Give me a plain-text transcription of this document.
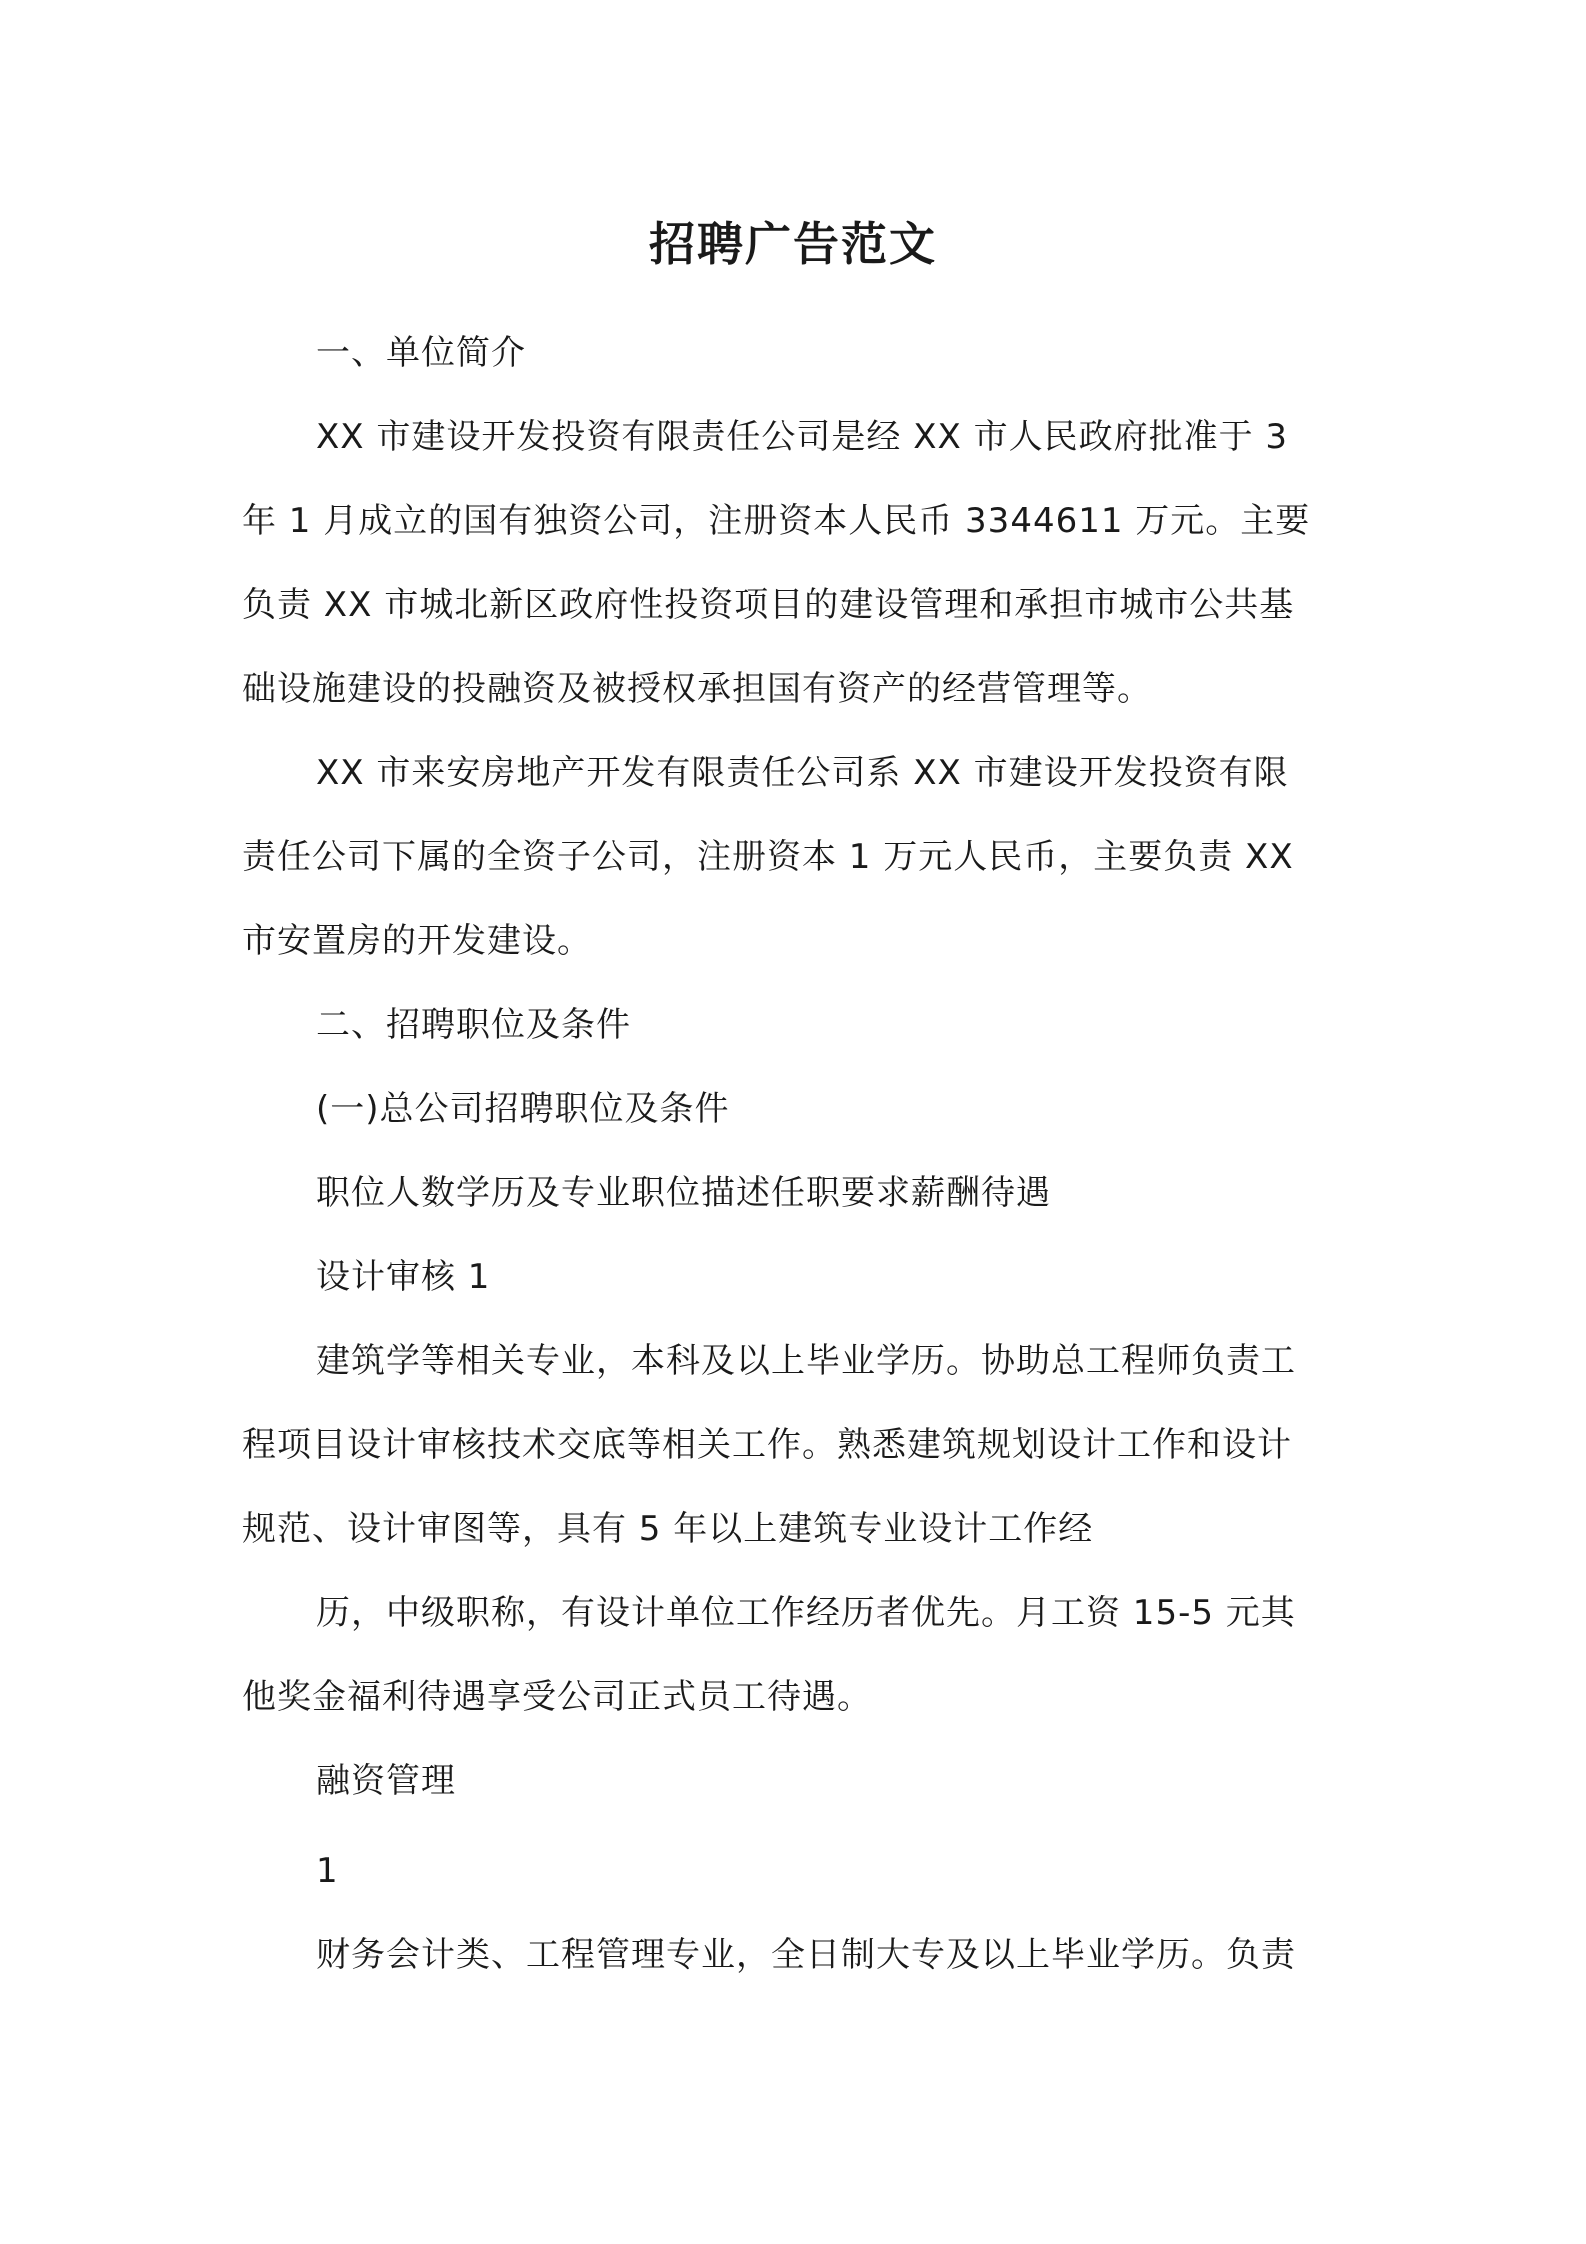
招聘广告范文
一、单位简介
XX 市建设开发投资有限责任公司是经 XX 市人民政府批准于 3
年 1 月成立的国有独资公司，注册资本人民币 3344611 万元。主要
负责 XX 市城北新区政府性投资项目的建设管理和承担市城市公共基
础设施建设的投融资及被授权承担国有资产的经营管理等。
XX 市来安房地产开发有限责任公司系 XX 市建设开发投资有限
责任公司下属的全资子公司，注册资本 1 万元人民币，主要负责 XX
市安置房的开发建设。
二、招聘职位及条件
(一)总公司招聘职位及条件
职位人数学历及专业职位描述任职要求薪酬待遇
设计审核 1
建筑学等相关专业，本科及以上毕业学历。协助总工程师负责工
程项目设计审核技术交底等相关工作。熟悉建筑规划设计工作和设计
规范、设计审图等，具有 5 年以上建筑专业设计工作经
历，中级职称，有设计单位工作经历者优先。月工资 15-5 元其
他奖金福利待遇享受公司正式员工待遇。
融资管理
1
财务会计类、工程管理专业，全日制大专及以上毕业学历。负责
